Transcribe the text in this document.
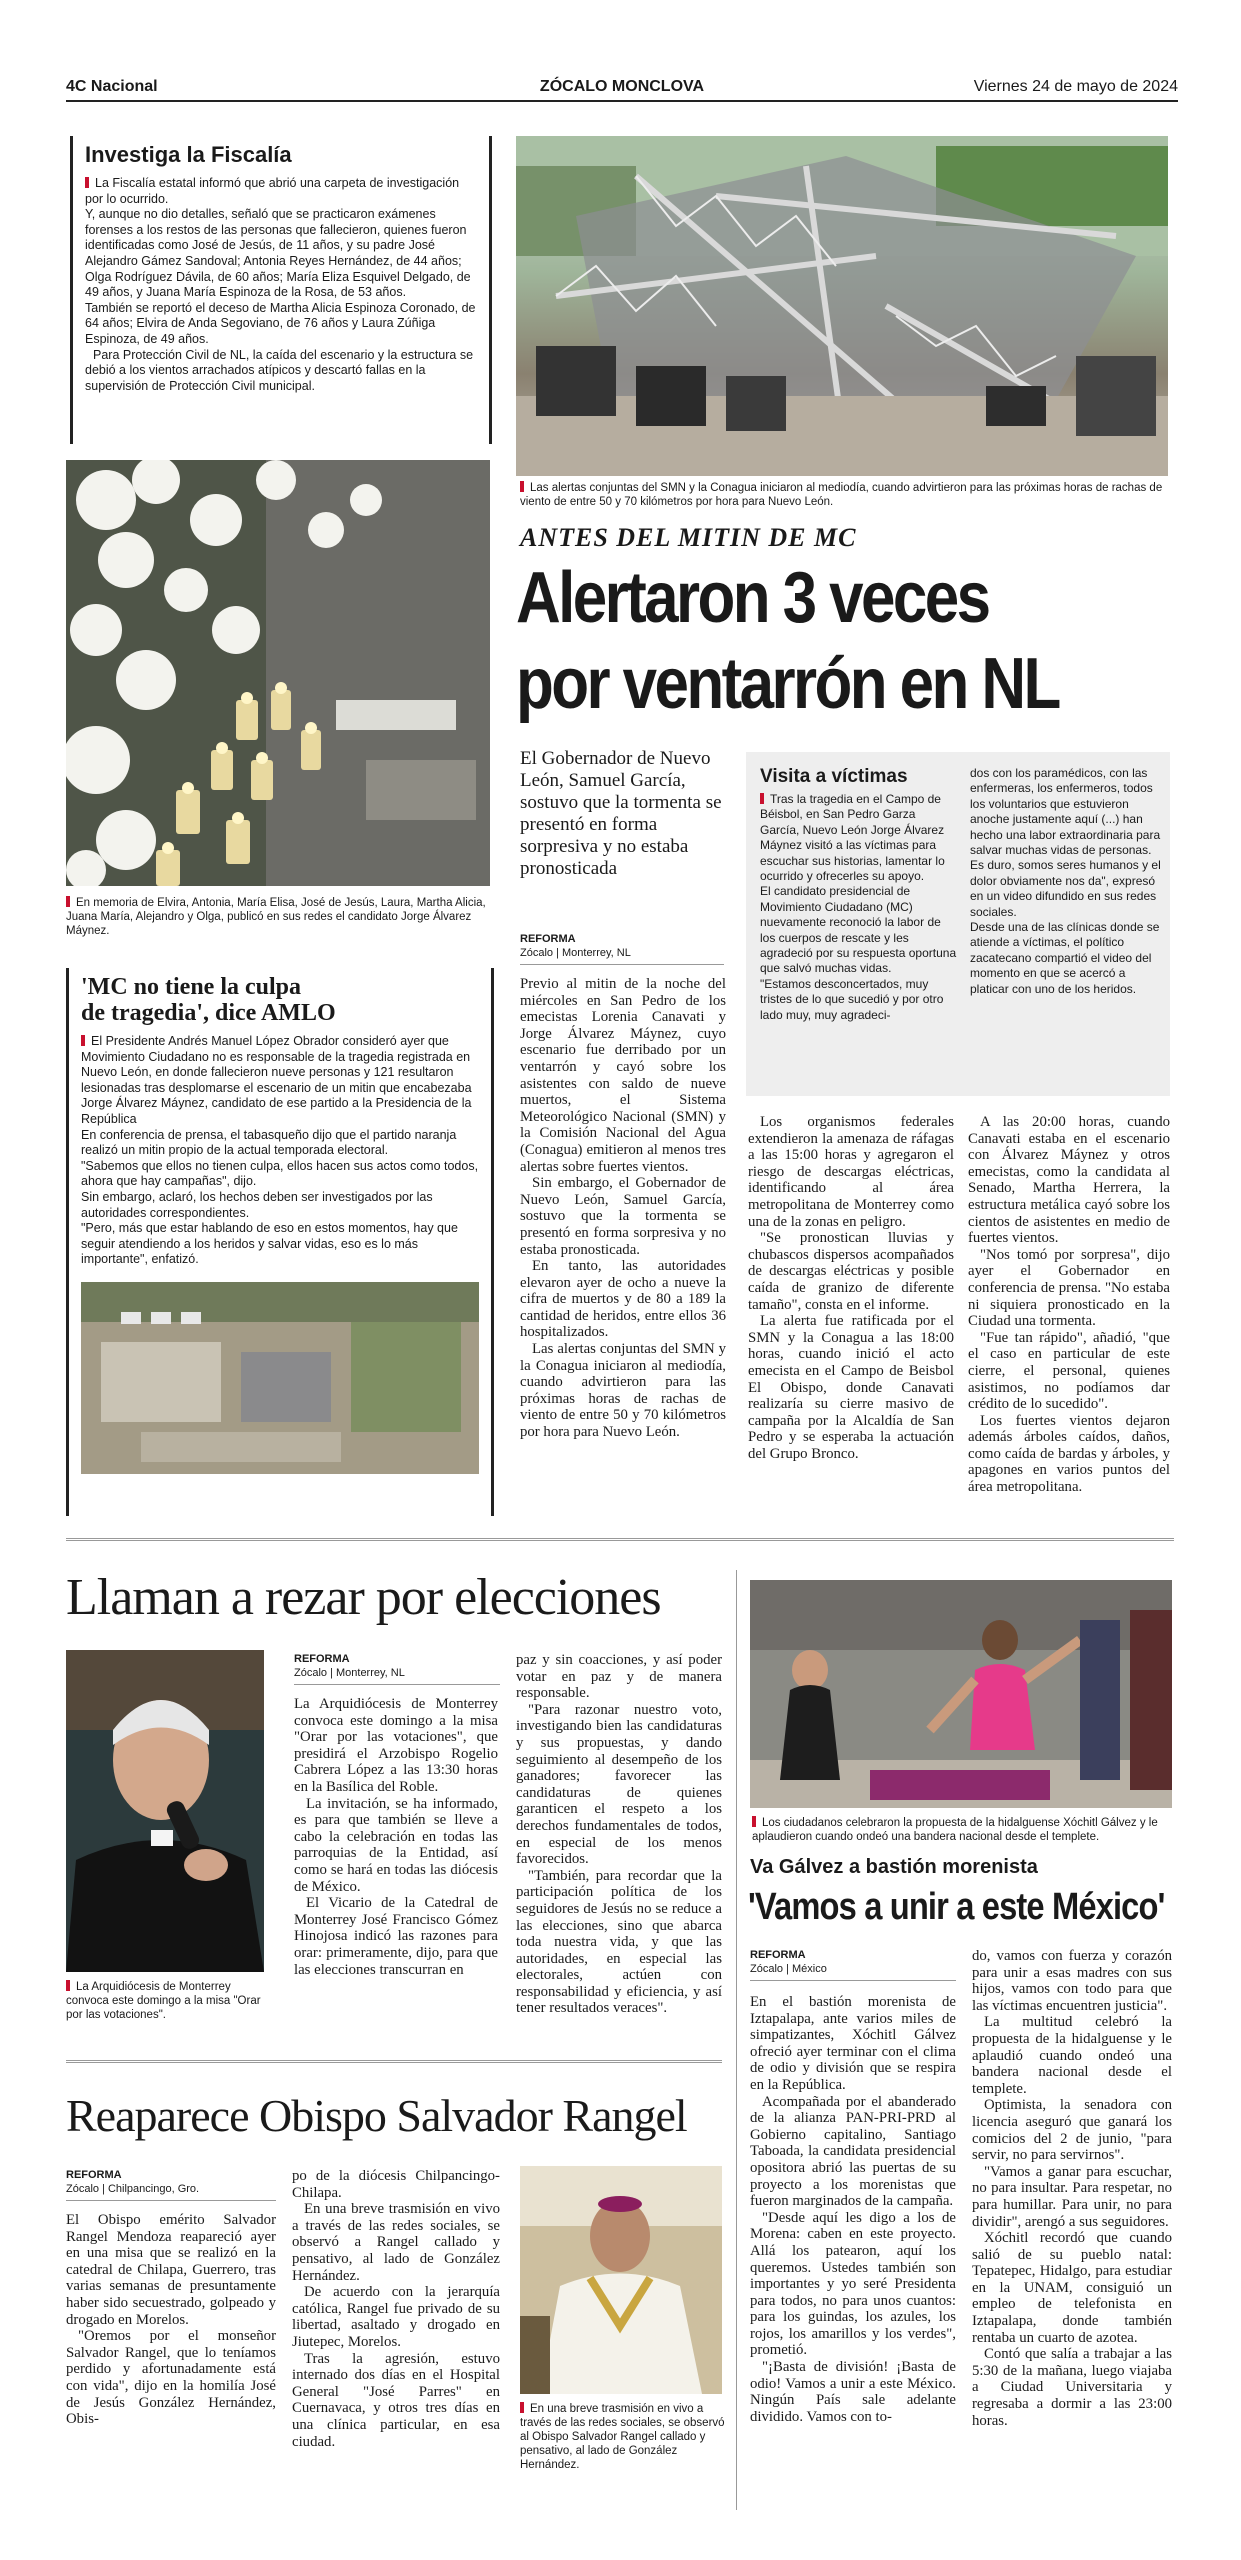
4C Nacional	ZÓCALO MONCLOVA	Viernes 24 de mayo de 2024
Investiga la Fiscalía

La Fiscalía estatal informó que abrió una carpeta de investigación por lo ocurrido.

Y, aunque no dio detalles, señaló que se practicaron exámenes forenses a los restos de las personas que fallecieron, quienes fueron identificadas como José de Jesús, de 11 años, y su padre José Alejandro Gámez Sandoval; Antonia Reyes Hernández, de 44 años; Olga Rodríguez Dávila, de 60 años; María Eliza Esquivel Delgado, de 49 años, y Juana María Espinoza de la Rosa, de 53 años.

También se reportó el deceso de Martha Alicia Espinoza Coronado, de 64 años; Elvira de Anda Segoviano, de 76 años y Laura Zúñiga Espinoza, de 49 años.

Para Protección Civil de NL, la caída del escenario y la estructura se debió a los vientos arrachados atípicos y descartó fallas en la supervisión de Protección Civil municipal.

Las alertas conjuntas del SMN y la Conagua iniciaron al mediodía, cuando advirtieron para las próximas horas de rachas de viento de entre 50 y 70 kilómetros por hora para Nuevo León.
En memoria de Elvira, Antonia, María Elisa, José de Jesús, Laura, Martha Alicia, Juana María, Alejandro y Olga, publicó en sus redes el candidato Jorge Álvarez Máynez.
'MC no tiene la culpa
de tragedia', dice AMLO

El Presidente Andrés Manuel López Obrador consideró ayer que Movimiento Ciudadano no es responsable de la tragedia registrada en Nuevo León, en donde fallecieron nueve personas y 121 resultaron lesionadas tras desplomarse el escenario de un mitin que encabezaba Jorge Álvarez Máynez, candidato de ese partido a la Presidencia de la República

En conferencia de prensa, el tabasqueño dijo que el partido naranja realizó un mitin propio de la actual temporada electoral.

"Sabemos que ellos no tienen culpa, ellos hacen sus actos como todos, ahora que hay campañas", dijo.

Sin embargo, aclaró, los hechos deben ser investigados por las autoridades correspondientes.

"Pero, más que estar hablando de eso en estos momentos, hay que seguir atendiendo a los heridos y salvar vidas, eso es lo más importante", enfatizó.

ANTES DEL MITIN DE MC
Alertaron 3 veces
por ventarrón en NL
El Gobernador de Nuevo León, Samuel García, sostuvo que la tormenta se presentó en forma sorpresiva y no estaba pronosticada
REFORMA
Zócalo | Monterrey, NL

Previo al mitin de la noche del miércoles en San Pedro de los emecistas Lorenia Canavati y Jorge Álvarez Máynez, cuyo escenario fue derribado por un ventarrón y cayó sobre los asistentes con saldo de nueve muertos, el Sistema Meteorológico Nacional (SMN) y la Comisión Nacional del Agua (Conagua) emitieron al menos tres alertas sobre fuertes vientos.

Sin embargo, el Gobernador de Nuevo León, Samuel García, sostuvo que la tormenta se presentó en forma sorpresiva y no estaba pronosticada.

En tanto, las autoridades elevaron ayer de ocho a nueve la cifra de muertos y de 80 a 189 la cantidad de heridos, entre ellos 36 hospitalizados.

Las alertas conjuntas del SMN y la Conagua iniciaron al mediodía, cuando advirtieron para las próximas horas de rachas de viento de entre 50 y 70 kilómetros por hora para Nuevo León.

Visita a víctimas

Tras la tragedia en el Campo de Béisbol, en San Pedro Garza García, Nuevo León Jorge Álvarez Máynez visitó a las víctimas para escuchar sus historias, lamentar lo ocurrido y ofrecerles su apoyo.

El candidato presidencial de Movimiento Ciudadano (MC) nuevamente reconoció la labor de los cuerpos de rescate y les agradeció por su respuesta oportuna que salvó muchas vidas.

"Estamos desconcertados, muy tristes de lo que sucedió y por otro lado muy, muy agradeci-

dos con los paramédicos, con las enfermeras, los enfermeros, todos los voluntarios que estuvieron anoche justamente aquí (...) han hecho una labor extraordinaria para salvar muchas vidas de personas. Es duro, somos seres humanos y el dolor obviamente nos da", expresó en un video difundido en sus redes sociales.

Desde una de las clínicas donde se atiende a víctimas, el político zacatecano compartió el video del momento en que se acercó a platicar con uno de los heridos.

Los organismos federales extendieron la amenaza de ráfagas a las 15:00 horas y agregaron el riesgo de descargas eléctricas, identificando al área metropolitana de Monterrey como una de la zonas en peligro.

"Se pronostican lluvias y chubascos dispersos acompañados de descargas eléctricas y posible caída de granizo de diferente tamaño", consta en el informe.

La alerta fue ratificada por el SMN y la Conagua a las 18:00 horas, cuando inició el acto emecista en el Campo de Beisbol El Obispo, donde Canavati realizaría su cierre masivo de campaña por la Alcaldía de San Pedro y se esperaba la actuación del Grupo Bronco.

A las 20:00 horas, cuando Canavati estaba en el escenario con Álvarez Máynez y otros emecistas, como la candidata al Senado, Martha Herrera, la estructura metálica cayó sobre los cientos de asistentes en medio de fuertes vientos.

"Nos tomó por sorpresa", dijo ayer el Gobernador en conferencia de prensa. "No estaba ni siquiera pronosticado en la Ciudad una tormenta.

"Fue tan rápido", añadió, "que el caso en particular de este cierre, el personal, quienes asistimos, no podíamos dar crédito de lo sucedido".

Los fuertes vientos dejaron además árboles caídos, daños, como caída de bardas y árboles, y apagones en varios puntos del área metropolitana.

Llaman a rezar por elecciones
La Arquidiócesis de Monterrey convoca este domingo a la misa "Orar por las votaciones".
REFORMA
Zócalo | Monterrey, NL

La Arquidiócesis de Monterrey convoca este domingo a la misa "Orar por las votaciones", que presidirá el Arzobispo Rogelio Cabrera López a las 13:30 horas en la Basílica del Roble.

La invitación, se ha informado, es para que también se lleve a cabo la celebración en todas las parroquias de la Entidad, así como se hará en todas las diócesis de México.

El Vicario de la Catedral de Monterrey José Francisco Gómez Hinojosa indicó las razones para orar: primeramente, dijo, para que las elecciones transcurran en

paz y sin coacciones, y así poder votar en paz y de manera responsable.

"Para razonar nuestro voto, investigando bien las candidaturas y sus propuestas, y dando seguimiento al desempeño de los ganadores; favorecer las candidaturas de quienes garanticen el respeto a los derechos fundamentales de todos, en especial de los menos favorecidos.

"También, para recordar que la participación política de los seguidores de Jesús no se reduce a las elecciones, sino que abarca toda nuestra vida, y que las autoridades, en especial las electorales, actúen con responsabilidad y eficiencia, y así tener resultados veraces".

Reaparece Obispo Salvador Rangel
REFORMA
Zócalo | Chilpancingo, Gro.

El Obispo emérito Salvador Rangel Mendoza reapareció ayer en una misa que se realizó en la catedral de Chilapa, Guerrero, tras varias semanas de presuntamente haber sido secuestrado, golpeado y drogado en Morelos.

"Oremos por el monseñor Salvador Rangel, que lo teníamos perdido y afortunadamente está con vida", dijo en la homilía José de Jesús González Hernández, Obis-

po de la diócesis Chilpancingo-Chilapa.

En una breve trasmisión en vivo a través de las redes sociales, se observó a Rangel callado y pensativo, al lado de González Hernández.

De acuerdo con la jerarquía católica, Rangel fue privado de su libertad, asaltado y drogado en Jiutepec, Morelos.

Tras la agresión, estuvo internado dos días en el Hospital General "José Parres" en Cuernavaca, y otros tres días en una clínica particular, en esa ciudad.

En una breve trasmisión en vivo a través de las redes sociales, se observó al Obispo Salvador Rangel callado y pensativo, al lado de González Hernández.
Los ciudadanos celebraron la propuesta de la hidalguense Xóchitl Gálvez y le aplaudieron cuando ondeó una bandera nacional desde el templete.
Va Gálvez a bastión morenista
'Vamos a unir a este México'
REFORMA
Zócalo | México

En el bastión morenista de Iztapalapa, ante varios miles de simpatizantes, Xóchitl Gálvez ofreció ayer terminar con el clima de odio y división que se respira en la República.

Acompañada por el abanderado de la alianza PAN-PRI-PRD al Gobierno capitalino, Santiago Taboada, la candidata presidencial opositora abrió las puertas de su proyecto a los morenistas que fueron marginados de la campaña.

"Desde aquí les digo a los de Morena: caben en este proyecto. Allá los patearon, aquí los queremos. Ustedes también son importantes y yo seré Presidenta para todos, no para unos cuantos: para los guindas, los azules, los rojos, los amarillos y los verdes", prometió.

"¡Basta de división! ¡Basta de odio! Vamos a unir a este México. Ningún País sale adelante dividido. Vamos con to-

do, vamos con fuerza y corazón para unir a esas madres con sus hijos, vamos con todo para que las víctimas encuentren justicia".

La multitud celebró la propuesta de la hidalguense y le aplaudió cuando ondeó una bandera nacional desde el templete.

Optimista, la senadora con licencia aseguró que ganará los comicios del 2 de junio, "para servir, no para servirnos".

"Vamos a ganar para escuchar, no para insultar. Para respetar, no para humillar. Para unir, no para dividir", arengó a sus seguidores.

Xóchitl recordó que cuando salió de su pueblo natal: Tepatepec, Hidalgo, para estudiar en la UNAM, consiguió un empleo de telefonista en Iztapalapa, donde también rentaba un cuarto de azotea.

Contó que salía a trabajar a las 5:30 de la mañana, luego viajaba a Ciudad Universitaria y regresaba a dormir a las 23:00 horas.
